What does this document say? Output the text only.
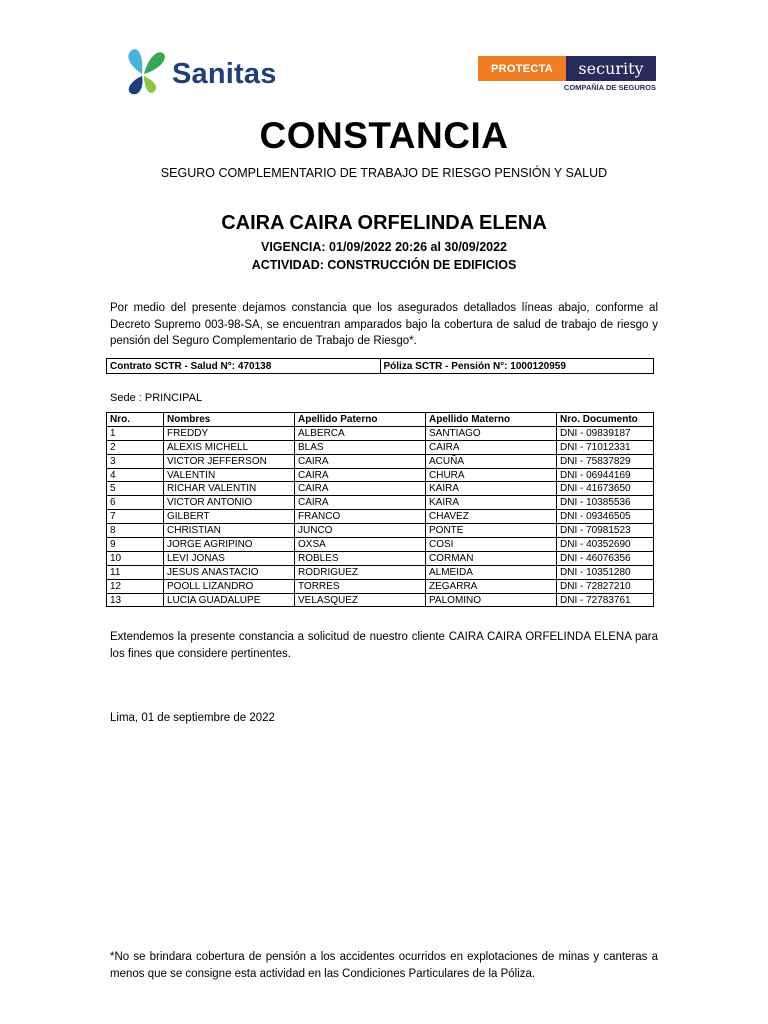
Sanitas	PROTECTA	security
COMPAÑÍA DE SEGUROS
CONSTANCIA
SEGURO COMPLEMENTARIO DE TRABAJO DE RIESGO PENSIÓN Y SALUD
CAIRA CAIRA ORFELINDA ELENA
VIGENCIA: 01/09/2022 20:26 al 30/09/2022
ACTIVIDAD: CONSTRUCCIÓN DE EDIFICIOS
Por medio del presente dejamos constancia que los asegurados detallados líneas abajo, conforme al Decreto Supremo 003-98-SA, se encuentran amparados bajo la cobertura de salud de trabajo de riesgo y pensión del Seguro Complementario de Trabajo de Riesgo*.
Contrato SCTR - Salud N°: 470138	Póliza SCTR - Pensión N°: 1000120959
Sede : PRINCIPAL
Nro.	Nombres	Apellido Paterno	Apellido Materno	Nro. Documento
1	FREDDY	ALBERCA	SANTIAGO	DNI - 09839187
2	ALEXIS MICHELL	BLAS	CAIRA	DNI - 71012331
3	VICTOR JEFFERSON	CAIRA	ACUÑA	DNI - 75837829
4	VALENTIN	CAIRA	CHURA	DNI - 06944169
5	RICHAR VALENTIN	CAIRA	KAIRA	DNI - 41673650
6	VICTOR ANTONIO	CAIRA	KAIRA	DNI - 10385536
7	GILBERT	FRANCO	CHAVEZ	DNI - 09346505
8	CHRISTIAN	JUNCO	PONTE	DNI - 70981523
9	JORGE AGRIPINO	OXSA	COSI	DNI - 40352690
10	LEVI JONAS	ROBLES	CORMAN	DNI - 46076356
11	JESUS ANASTACIO	RODRIGUEZ	ALMEIDA	DNI - 10351280
12	POOLL LIZANDRO	TORRES	ZEGARRA	DNI - 72827210
13	LUCIA GUADALUPE	VELASQUEZ	PALOMINO	DNI - 72783761
Extendemos la presente constancia a solicitud de nuestro cliente CAIRA CAIRA ORFELINDA ELENA para los fines que considere pertinentes.
Lima, 01 de septiembre de 2022
*No se brindara cobertura de pensión a los accidentes ocurridos en explotaciones de minas y canteras a menos que se consigne esta actividad en las Condiciones Particulares de la Póliza.
